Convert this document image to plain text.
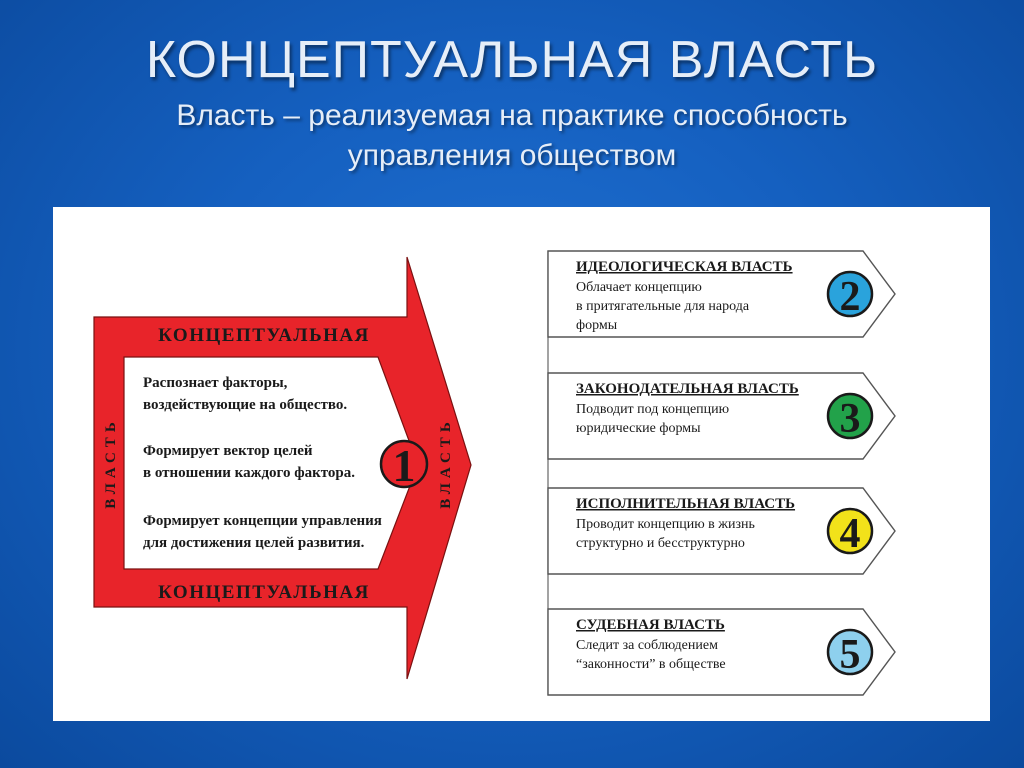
КОНЦЕПТУАЛЬНАЯ ВЛАСТЬ
Власть – реализуемая на практике способность
управления обществом
КОНЦЕПТУАЛЬНАЯ
КОНЦЕПТУАЛЬНАЯ
ВЛАСТЬ	ВЛАСТЬ
Распознает факторы,
воздействующие на общество.
Формирует вектор целей
в отношении каждого фактора.
Формирует концепции управления
для достижения целей развития.
1
ИДЕОЛОГИЧЕСКАЯ ВЛАСТЬ
Облачает концепцию
в притягательные для народа
формы
2
ЗАКОНОДАТЕЛЬНАЯ ВЛАСТЬ
Подводит под концепцию
юридические формы	3
ИСПОЛНИТЕЛЬНАЯ ВЛАСТЬ
Проводит концепцию в жизнь
структурно и бесструктурно 4
СУДЕБНАЯ ВЛАСТЬ
Следит за соблюдением
“законности” в обществе	5
